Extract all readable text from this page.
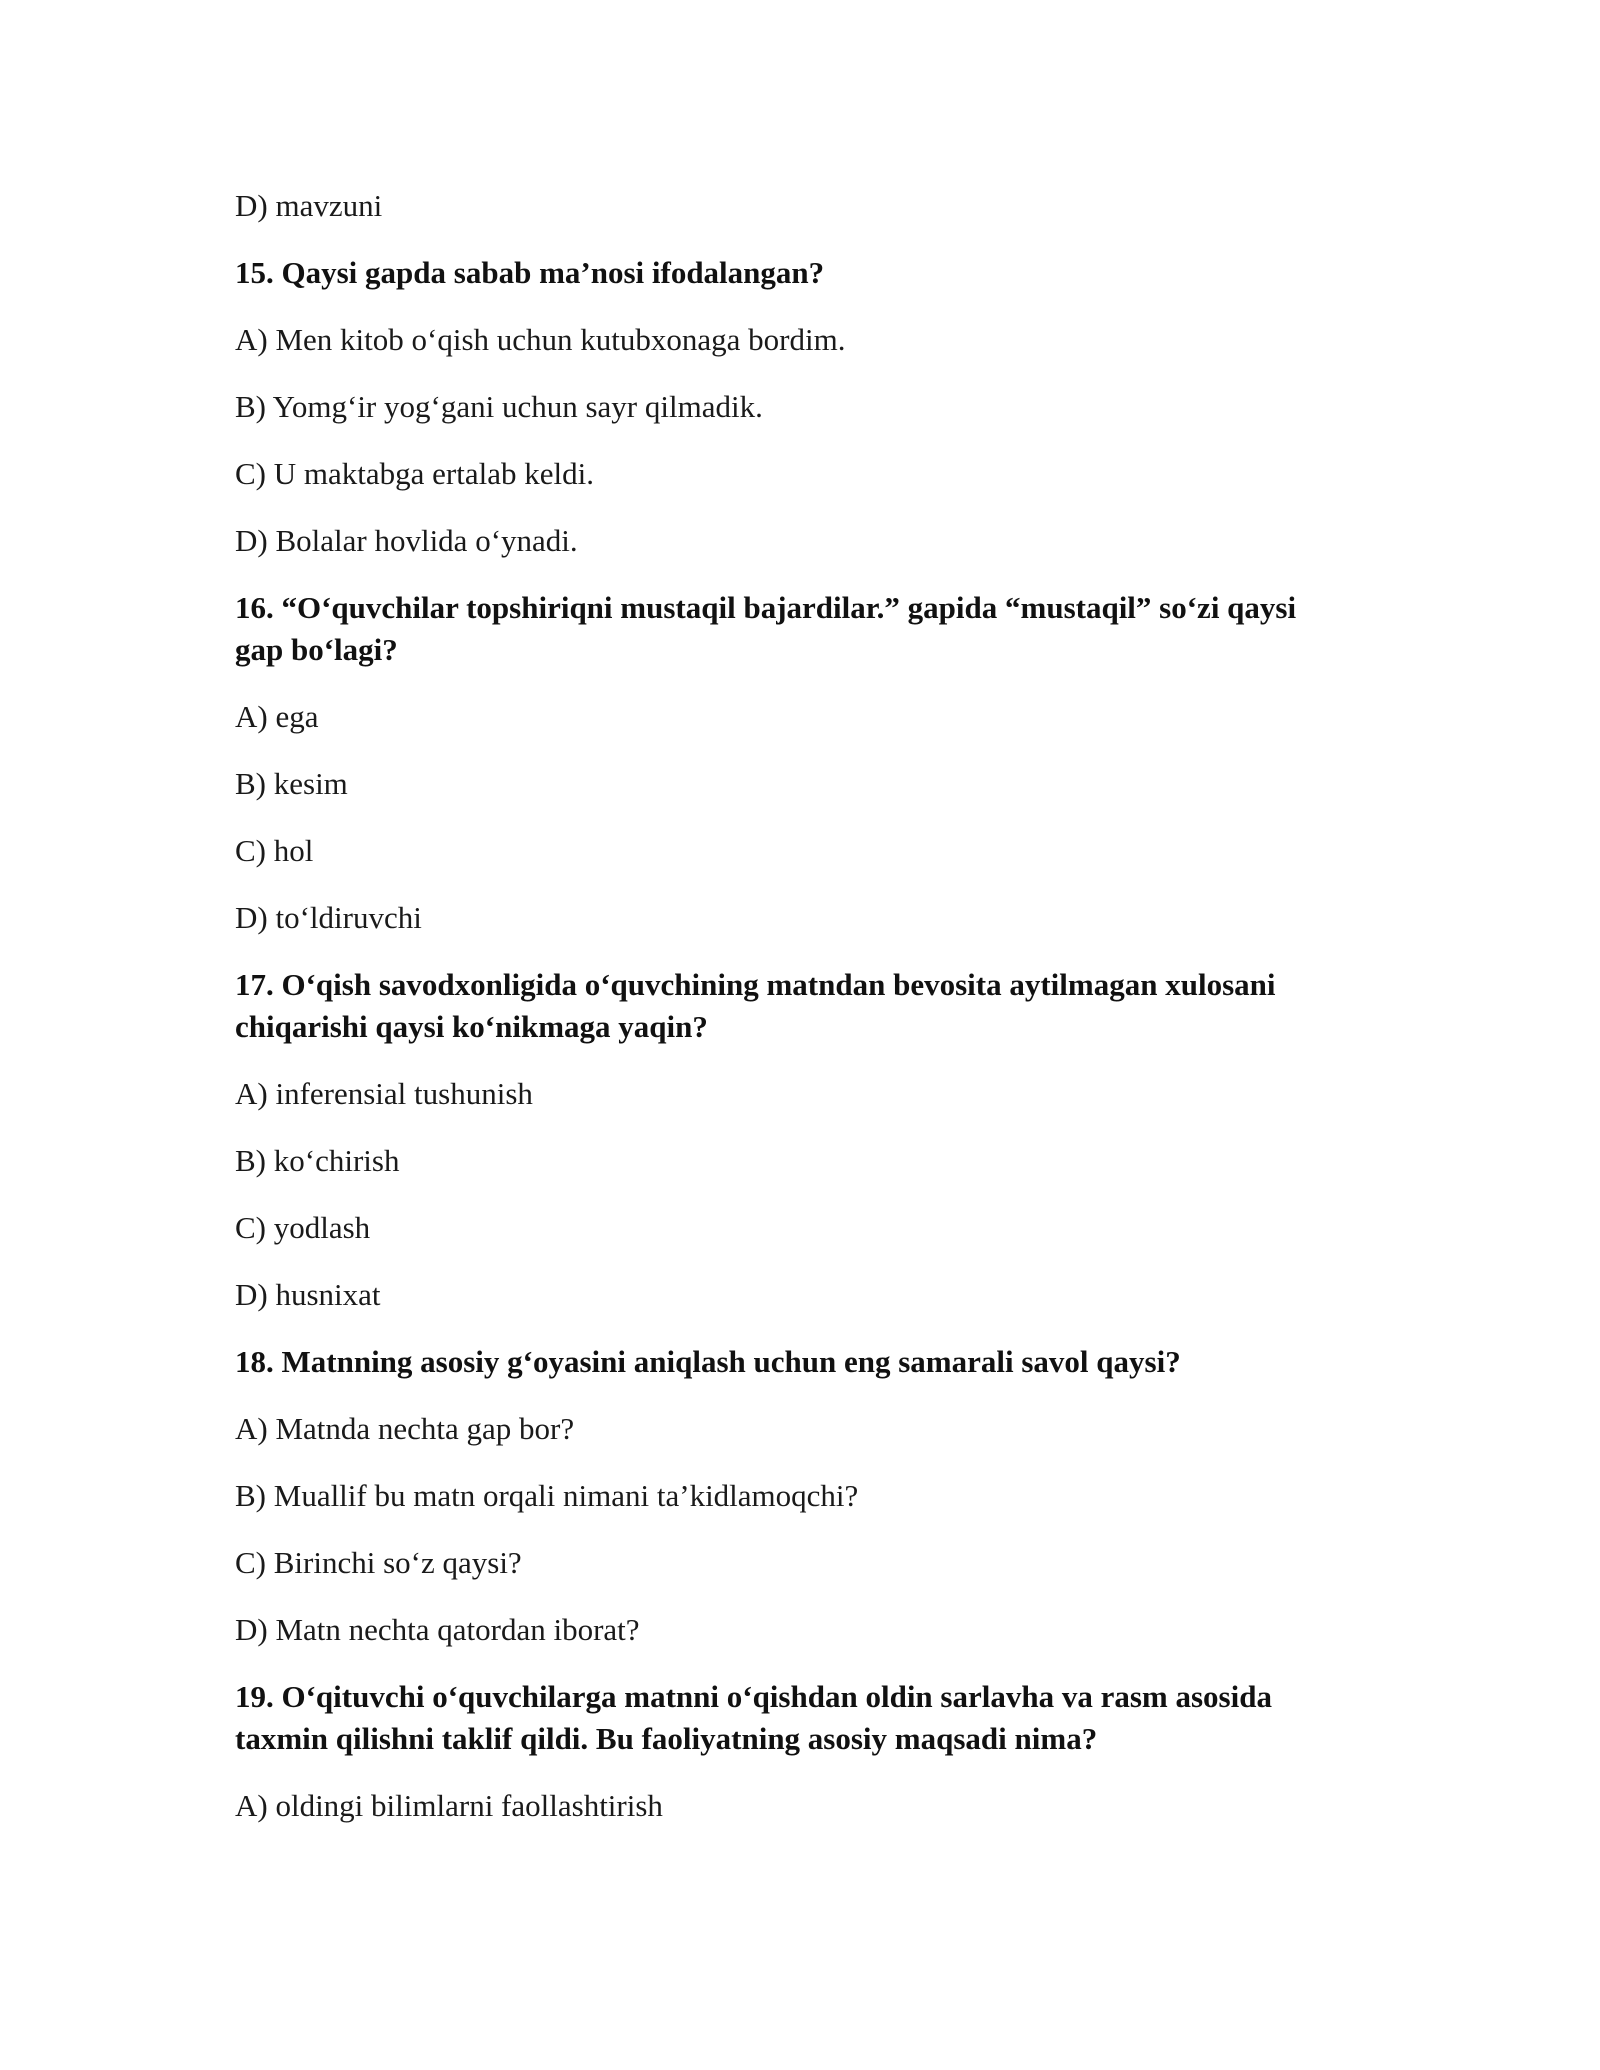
D) mavzuni
15. Qaysi gapda sabab ma’nosi ifodalangan?
A) Men kitob o‘qish uchun kutubxonaga bordim.
B) Yomg‘ir yog‘gani uchun sayr qilmadik.
C) U maktabga ertalab keldi.
D) Bolalar hovlida o‘ynadi.
16. “O‘quvchilar topshiriqni mustaqil bajardilar.” gapida “mustaqil” so‘zi qaysi
gap bo‘lagi?
A) ega
B) kesim
C) hol
D) to‘ldiruvchi
17. O‘qish savodxonligida o‘quvchining matndan bevosita aytilmagan xulosani
chiqarishi qaysi ko‘nikmaga yaqin?
A) inferensial tushunish
B) ko‘chirish
C) yodlash
D) husnixat
18. Matnning asosiy g‘oyasini aniqlash uchun eng samarali savol qaysi?
A) Matnda nechta gap bor?
B) Muallif bu matn orqali nimani ta’kidlamoqchi?
C) Birinchi so‘z qaysi?
D) Matn nechta qatordan iborat?
19. O‘qituvchi o‘quvchilarga matnni o‘qishdan oldin sarlavha va rasm asosida
taxmin qilishni taklif qildi. Bu faoliyatning asosiy maqsadi nima?
A) oldingi bilimlarni faollashtirish
